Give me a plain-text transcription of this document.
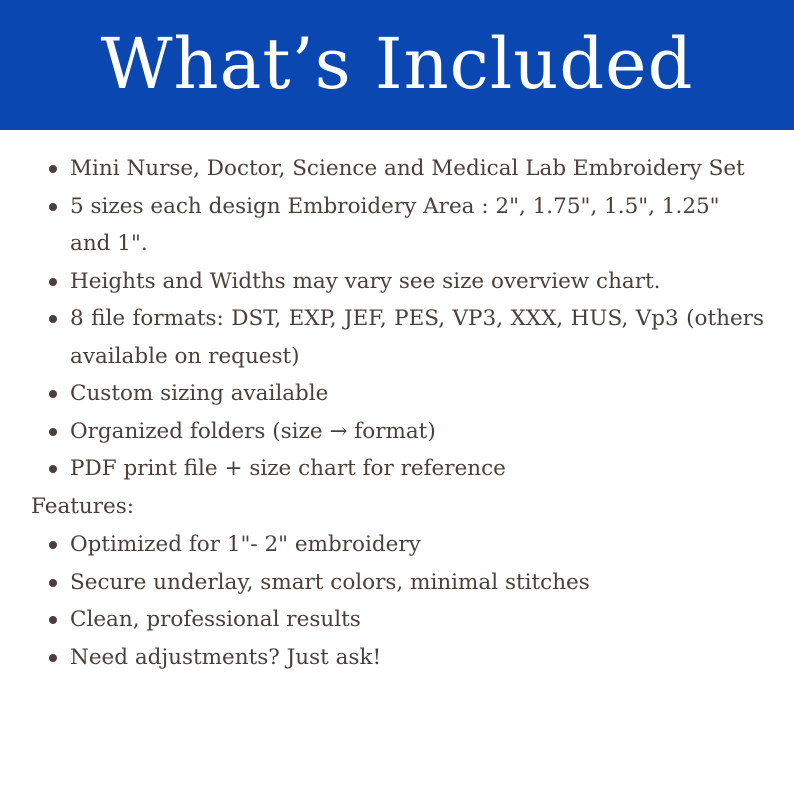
What’s Included
Mini Nurse, Doctor, Science and Medical Lab Embroidery Set
5 sizes each design Embroidery Area : 2", 1.75", 1.5", 1.25" and 1".
Heights and Widths may vary see size overview chart.
8 file formats: DST, EXP, JEF, PES, VP3, XXX, HUS, Vp3 (others available on request)
Custom sizing available
Organized folders (size → format)
PDF print file + size chart for reference
Features:
Optimized for 1"- 2" embroidery
Secure underlay, smart colors, minimal stitches
Clean, professional results
Need adjustments? Just ask!
